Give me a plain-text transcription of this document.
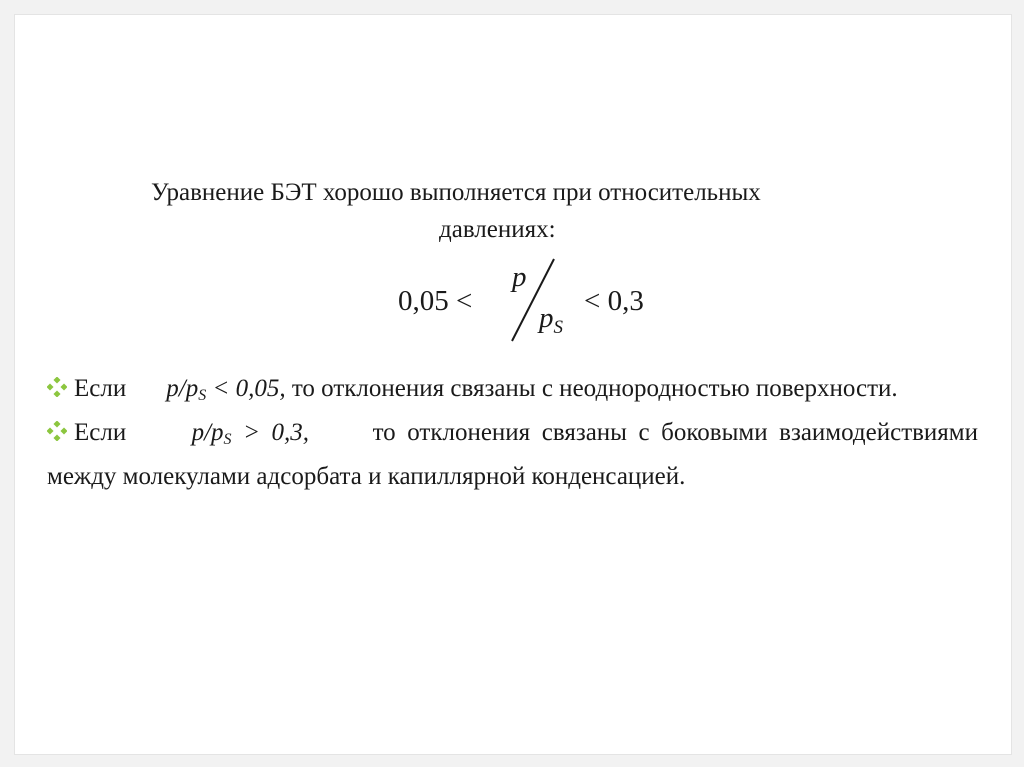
Уравнение БЭТ хорошо выполняется при относительных
давлениях:
0,05 <
p
$p_S$
< 0,3

Если $p/p_S < 0,05$, то отклонения связаны с неоднородностью поверхности.

Если	$p/p_S > 0,3$,	то отклонения связаны с боковыми взаимодействиями между молекулами адсорбата и капиллярной конденсацией.
